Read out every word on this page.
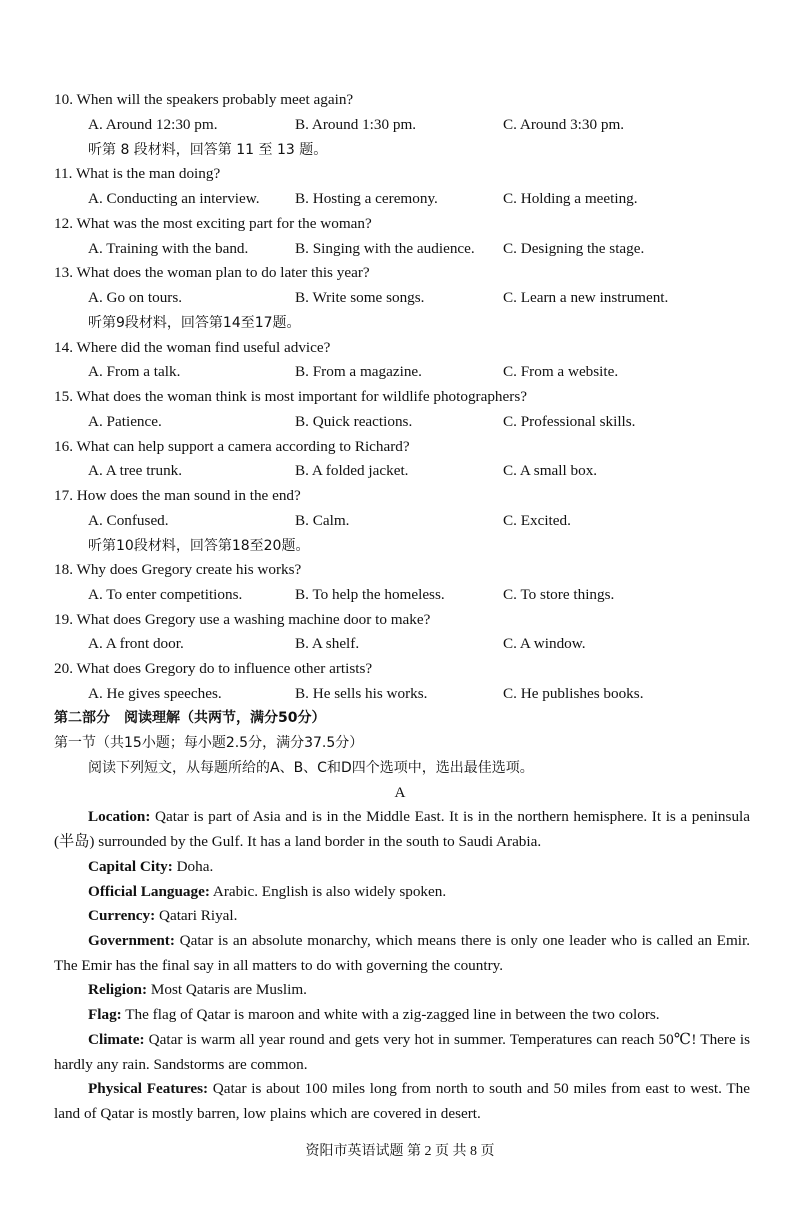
10. When will the speakers probably meet again?
A. Around 12:30 pm.	B. Around 1:30 pm.	C. Around 3:30 pm.
听第 8 段材料，回答第 11 至 13 题。
11. What is the man doing?
A. Conducting an interview. B. Hosting a ceremony.	C. Holding a meeting.
12. What was the most exciting part for the woman?
A. Training with the band.	B. Singing with the audience. C. Designing the stage.
13. What does the woman plan to do later this year?
A. Go on tours.	B. Write some songs.	C. Learn a new instrument.
听第9段材料，回答第14至17题。
14. Where did the woman find useful advice?
A. From a talk.	B. From a magazine.	C. From a website.
15. What does the woman think is most important for wildlife photographers?
A. Patience.	B. Quick reactions.	C. Professional skills.
16. What can help support a camera according to Richard?
A. A tree trunk.	B. A folded jacket.	C. A small box.
17. How does the man sound in the end?
A. Confused.	B. Calm.	C. Excited.
听第10段材料，回答第18至20题。
18. Why does Gregory create his works?
A. To enter competitions.	B. To help the homeless.	C. To store things.
19. What does Gregory use a washing machine door to make?
A. A front door.	B. A shelf.	C. A window.
20. What does Gregory do to influence other artists?
A. He gives speeches.	B. He sells his works.	C. He publishes books.
第二部分　阅读理解（共两节，满分50分）
第一节（共15小题；每小题2.5分，满分37.5分）
阅读下列短文，从每题所给的A、B、C和D四个选项中，选出最佳选项。
A
Location: Qatar is part of Asia and is in the Middle East. It is in the northern hemisphere. It is a peninsula (半岛) surrounded by the Gulf. It has a land border in the south to Saudi Arabia.
Capital City: Doha.
Official Language: Arabic. English is also widely spoken.
Currency: Qatari Riyal.
Government: Qatar is an absolute monarchy, which means there is only one leader who is called an Emir. The Emir has the final say in all matters to do with governing the country.
Religion: Most Qataris are Muslim.
Flag: The flag of Qatar is maroon and white with a zig-zagged line in between the two colors.
Climate: Qatar is warm all year round and gets very hot in summer. Temperatures can reach 50℃! There is hardly any rain. Sandstorms are common.
Physical Features: Qatar is about 100 miles long from north to south and 50 miles from east to west. The land of Qatar is mostly barren, low plains which are covered in desert.
资阳市英语试题 第 2 页 共 8 页
